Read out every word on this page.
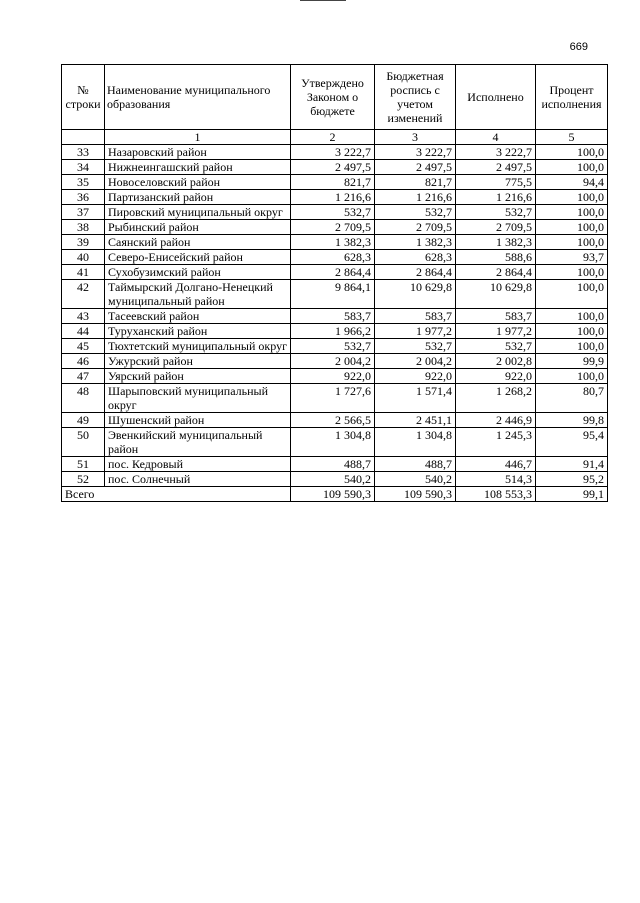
669
№ строки	Наименование муниципального образования	Утверждено Законом о бюджете	Бюджетная роспись с учетом изменений	Исполнено	Процент исполнения
	1	2	3	4	5
33	Назаровский район	3 222,7	3 222,7	3 222,7	100,0
34	Нижнеингашский район	2 497,5	2 497,5	2 497,5	100,0
35	Новоселовский район	821,7	821,7	775,5	94,4
36	Партизанский район	1 216,6	1 216,6	1 216,6	100,0
37	Пировский муниципальный округ	532,7	532,7	532,7	100,0
38	Рыбинский район	2 709,5	2 709,5	2 709,5	100,0
39	Саянский район	1 382,3	1 382,3	1 382,3	100,0
40	Северо-Енисейский район	628,3	628,3	588,6	93,7
41	Сухобузимский район	2 864,4	2 864,4	2 864,4	100,0
42	Таймырский Долгано-Ненецкий муниципальный район	9 864,1	10 629,8	10 629,8	100,0
43	Тасеевский район	583,7	583,7	583,7	100,0
44	Туруханский район	1 966,2	1 977,2	1 977,2	100,0
45	Тюхтетский муниципальный округ	532,7	532,7	532,7	100,0
46	Ужурский район	2 004,2	2 004,2	2 002,8	99,9
47	Уярский район	922,0	922,0	922,0	100,0
48	Шарыповский муниципальный округ	1 727,6	1 571,4	1 268,2	80,7
49	Шушенский район	2 566,5	2 451,1	2 446,9	99,8
50	Эвенкийский муниципальный район	1 304,8	1 304,8	1 245,3	95,4
51	пос. Кедровый	488,7	488,7	446,7	91,4
52	пос. Солнечный	540,2	540,2	514,3	95,2
Всего		109 590,3	109 590,3	108 553,3	99,1
